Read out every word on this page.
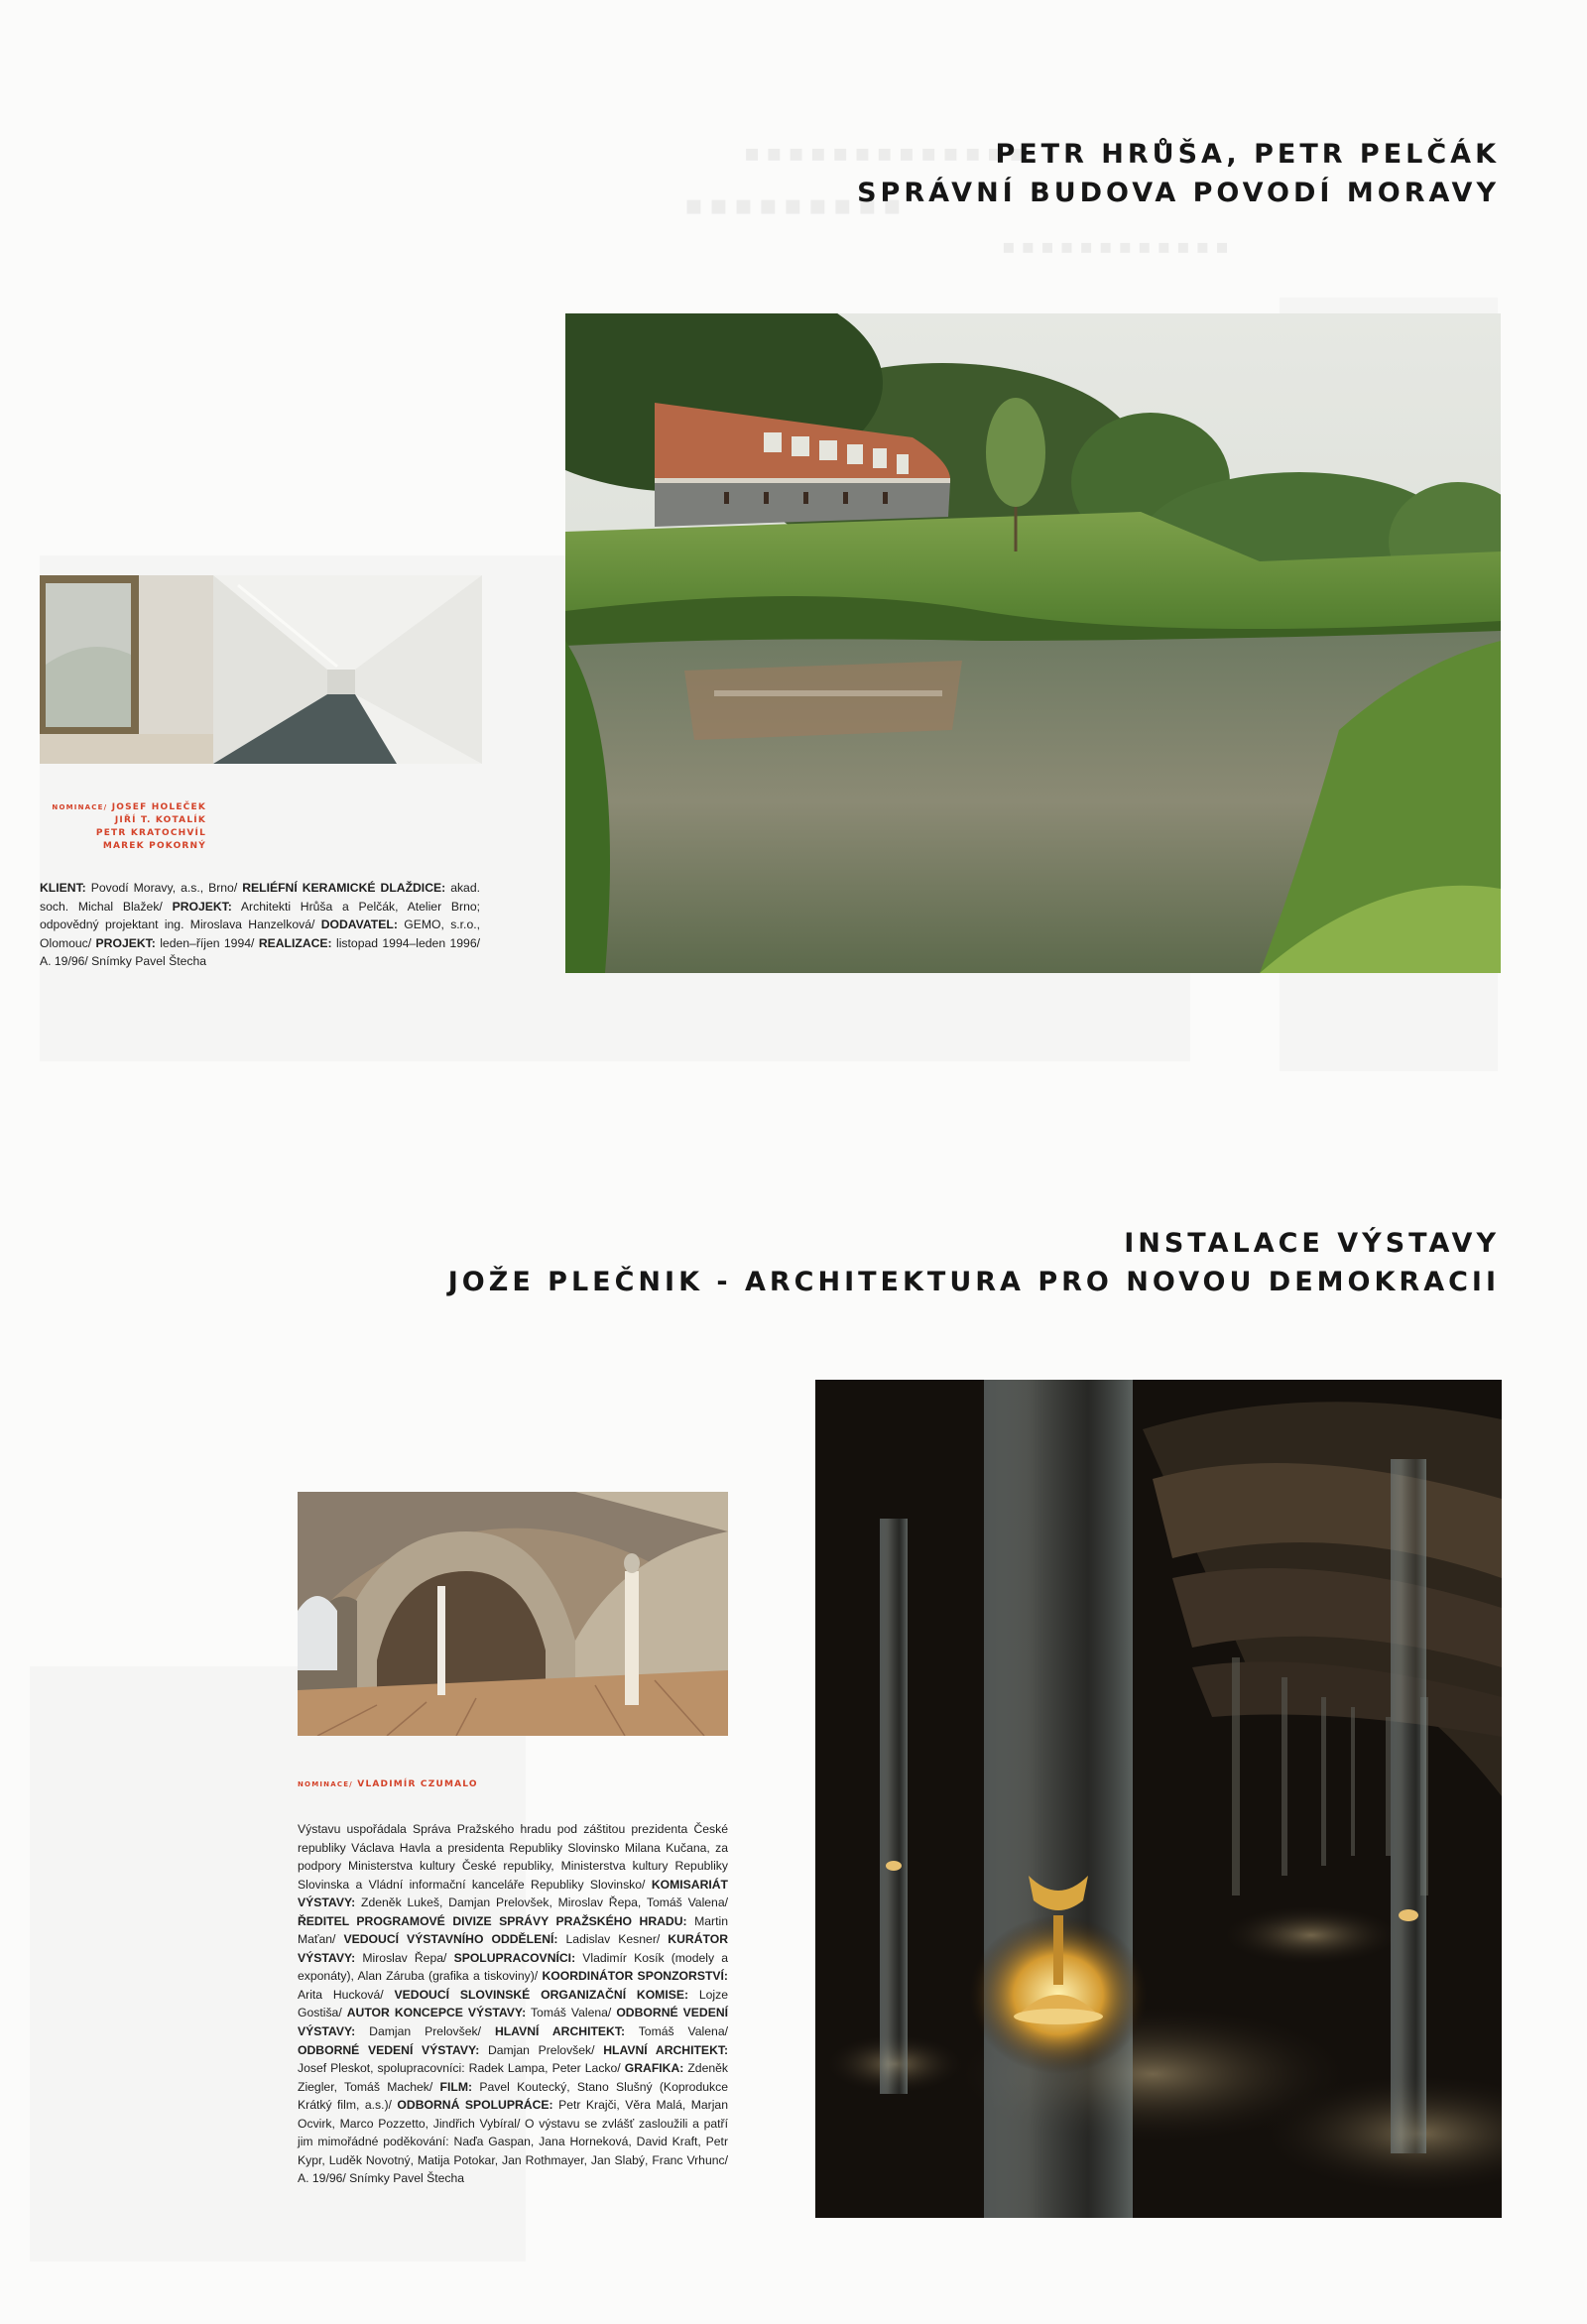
▪▪▪▪▪▪▪▪▪▪▪▪▪
▪▪▪▪▪▪▪▪▪
▪▪▪▪▪▪▪▪▪▪▪▪
PETR HRŮŠA, PETR PELČÁK
SPRÁVNÍ BUDOVA POVODÍ MORAVY
NOMINACE/ JOSEF HOLEČEK
JIŘÍ T. KOTALÍK
PETR KRATOCHVÍL
MAREK POKORNÝ
KLIENT: Povodí Moravy, a.s., Brno/ RELIÉFNÍ KERAMICKÉ DLAŽDICE: akad. soch. Michal Blažek/ PROJEKT: Architekti Hrůša a Pelčák, Atelier Brno; odpovědný projektant ing. Miroslava Hanzelková/ DODAVATEL: GEMO, s.r.o., Olomouc/ PROJEKT: leden–říjen 1994/ REALIZACE: listopad 1994–leden 1996/ A. 19/96/ Snímky Pavel Štecha
INSTALACE VÝSTAVY
JOŽE PLEČNIK - ARCHITEKTURA PRO NOVOU DEMOKRACII
NOMINACE/ VLADIMÍR CZUMALO
Výstavu uspořádala Správa Pražského hradu pod záštitou prezidenta České republiky Václava Havla a presidenta Republiky Slovinsko Milana Kučana, za podpory Ministerstva kultury České republiky, Ministerstva kultury Republiky Slovinska a Vládní informační kanceláře Republiky Slovinsko/ KOMISARIÁT VÝSTAVY: Zdeněk Lukeš, Damjan Prelovšek, Miroslav Řepa, Tomáš Valena/ ŘEDITEL PROGRAMOVÉ DIVIZE SPRÁVY PRAŽSKÉHO HRADU: Martin Maťan/ VEDOUCÍ VÝSTAVNÍHO ODDĚLENÍ: Ladislav Kesner/ KURÁTOR VÝSTAVY: Miroslav Řepa/ SPOLUPRACOVNÍCI: Vladimír Kosík (modely a exponáty), Alan Záruba (grafika a tiskoviny)/ KOORDINÁTOR SPONZORSTVÍ: Arita Hucková/ VEDOUCÍ SLOVINSKÉ ORGANIZAČNÍ KOMISE: Lojze Gostiša/ AUTOR KONCEPCE VÝSTAVY: Tomáš Valena/ ODBORNÉ VEDENÍ VÝSTAVY: Damjan Prelovšek/ HLAVNÍ ARCHITEKT: Tomáš Valena/ ODBORNÉ VEDENÍ VÝSTAVY: Damjan Prelovšek/ HLAVNÍ ARCHITEKT: Josef Pleskot, spolupracovníci: Radek Lampa, Peter Lacko/ GRAFIKA: Zdeněk Ziegler, Tomáš Machek/ FILM: Pavel Koutecký, Stano Slušný (Koprodukce Krátký film, a.s.)/ ODBORNÁ SPOLUPRÁCE: Petr Krajči, Věra Malá, Marjan Ocvirk, Marco Pozzetto, Jindřich Vybíral/ O výstavu se zvlášť zasloužili a patří jim mimořádné poděkování: Naďa Gaspan, Jana Horneková, David Kraft, Petr Kypr, Luděk Novotný, Matija Potokar, Jan Rothmayer, Jan Slabý, Franc Vrhunc/ A. 19/96/ Snímky Pavel Štecha
